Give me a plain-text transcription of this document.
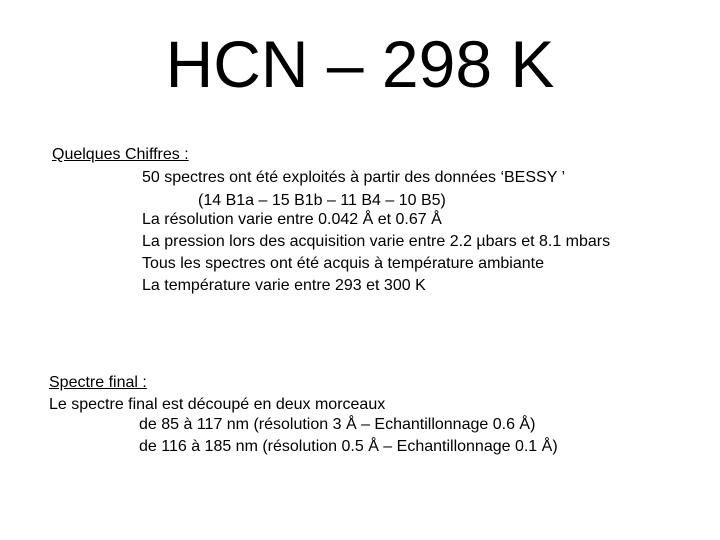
HCN – 298 K
Quelques Chiffres :
50 spectres ont été exploités à partir des données ‘BESSY ’
(14 B1a – 15 B1b – 11 B4 – 10 B5)
La résolution varie entre 0.042 Å et 0.67 Å
La pression lors des acquisition varie entre 2.2 µbars et 8.1 mbars
Tous les spectres ont été acquis à température ambiante
La température varie entre 293 et 300 K
Spectre final :
Le spectre final est découpé en deux morceaux
de 85 à 117 nm (résolution 3 Å – Echantillonnage 0.6 Å)
de 116 à 185 nm (résolution 0.5 Å – Echantillonnage 0.1 Å)
